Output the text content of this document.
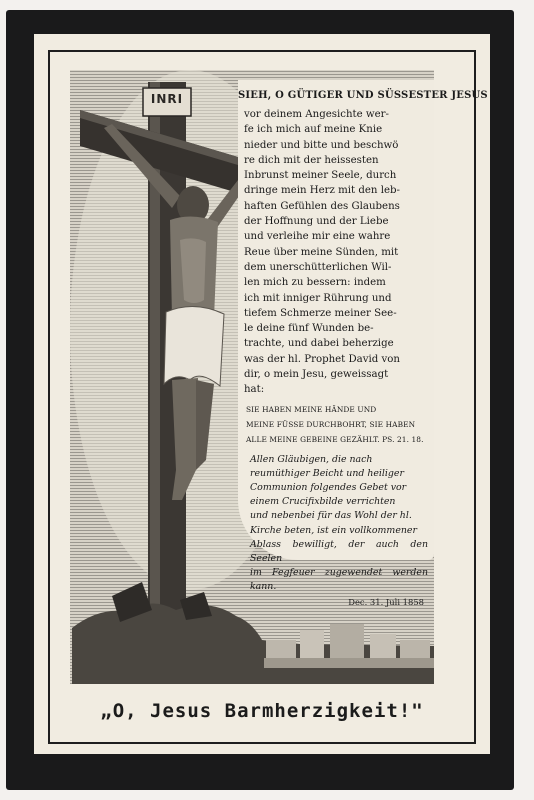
INRI	SIEH, O GÜTIGER UND SÜSSESTER JESUS

vor deinem Angesichte wer-

fe ich mich auf meine Knie

nieder und bitte und beschwö

re dich mit der heissesten

Inbrunst meiner Seele, durch

dringe mein Herz mit den leb-

haften Gefühlen des Glaubens

der Hoffnung und der Liebe

und verleihe mir eine wahre

Reue über meine Sünden, mit

dem unerschütterlichen Wil-

len mich zu bessern: indem

ich mit inniger Rührung und

tiefem Schmerze meiner See-

le deine fünf Wunden be-

trachte, und dabei beherzige

was der hl. Prophet David von

dir, o mein Jesu, geweissagt

hat:

SIE HABEN MEINE HÄNDE UND

MEINE FÜSSE DURCHBOHRT, SIE HABEN

ALLE MEINE GEBEINE GEZÄHLT. PS. 21. 18.

Allen Gläubigen, die nach

reumüthiger Beicht und heiliger

Communion folgendes Gebet vor

einem Crucifixbilde verrichten

und nebenbei für das Wohl der hl.

Kirche beten, ist ein vollkommener

Ablass bewilligt, der auch den Seelen

im Fegfeuer zugewendet werden kann.

Dec. 31. Juli 1858
„O, Jesus Barmherzigkeit!"
